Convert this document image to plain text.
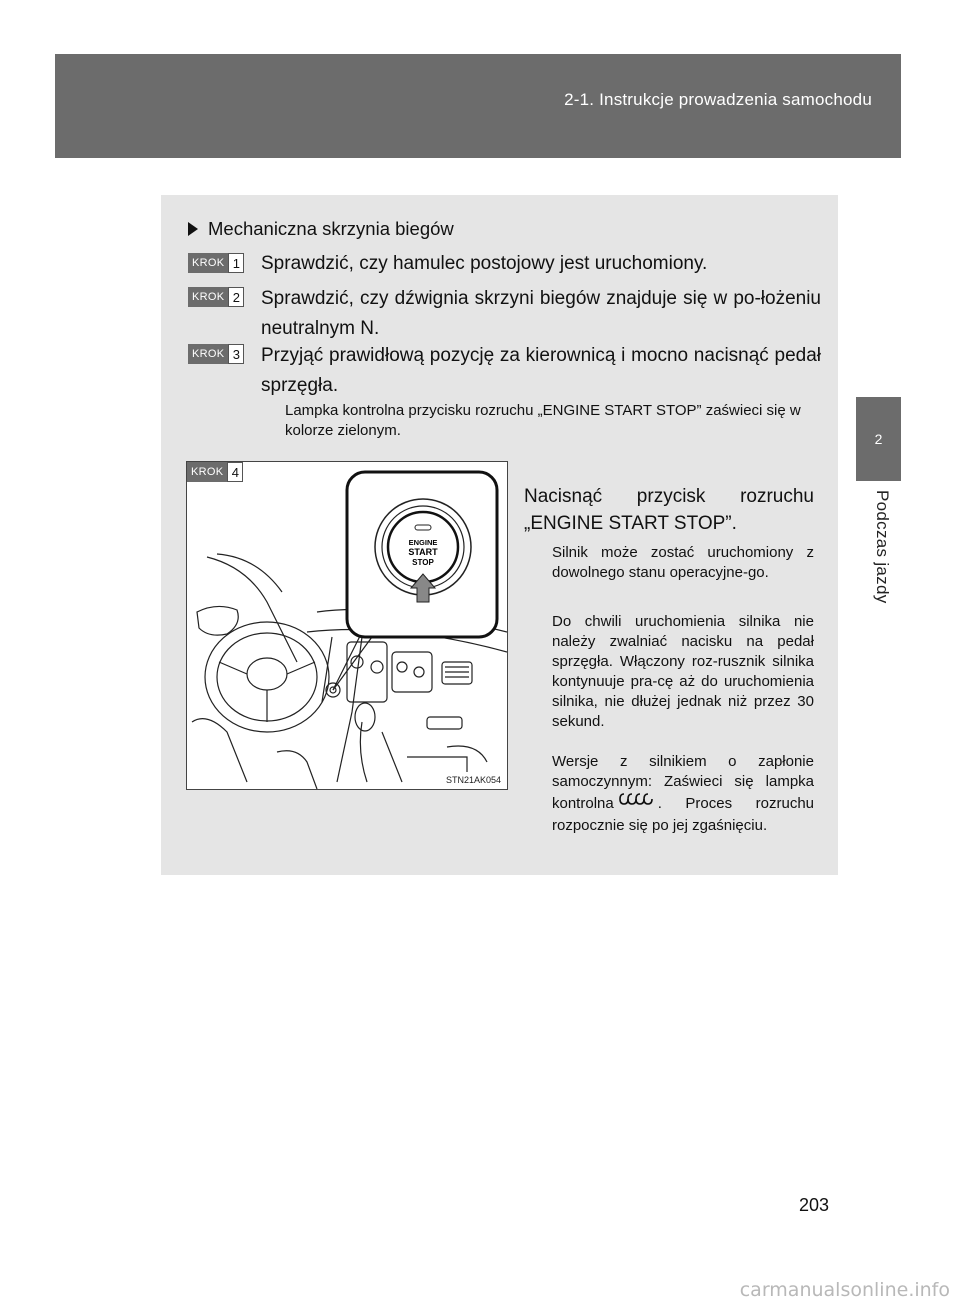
2-1. Instrukcje prowadzenia samochodu
2
Podczas jazdy
Mechaniczna skrzynia biegów
KROK 1 Sprawdzić, czy hamulec postojowy jest uruchomiony.
KROK 2 Sprawdzić, czy dźwignia skrzyni biegów znajduje się w po-łożeniu neutralnym N.
KROK 3 Przyjąć prawidłową pozycję za kierownicą i mocno nacisnąć pedał sprzęgła.
Lampka kontrolna przycisku rozruchu „ENGINE START STOP” zaświeci się w kolorze zielonym.
ENGINE
START
STOP
KROK 4
STN21AK054
Nacisnąć przycisk rozruchu „ENGINE START STOP”.
Silnik może zostać uruchomiony z dowolnego stanu operacyjne-go.
Do chwili uruchomienia silnika nie należy zwalniać nacisku na pedał sprzęgła. Włączony roz-rusznik silnika kontynuuje pra-cę aż do uruchomienia silnika, nie dłużej jednak niż przez 30 sekund.
Wersje z silnikiem o zapłonie samoczynnym: Zaświeci się lampka kontrolna	. Proces rozruchu rozpocznie się po jej zgaśnięciu.
203
carmanualsonline.info
